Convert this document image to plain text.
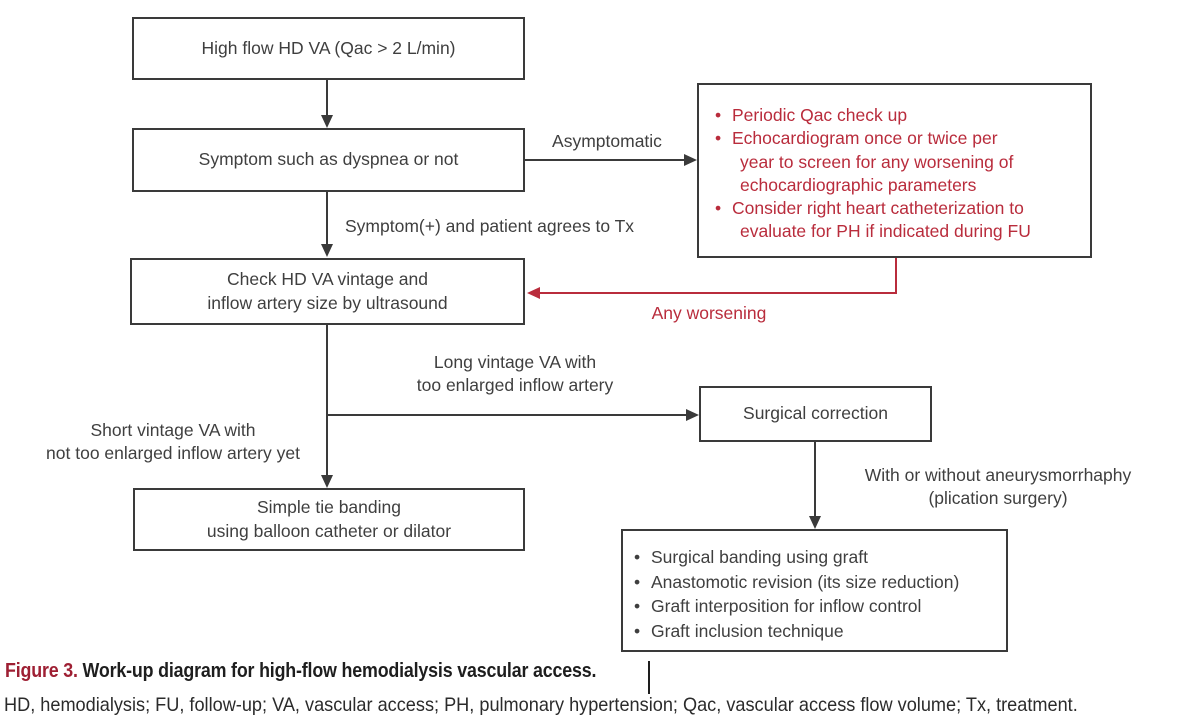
High flow HD VA (Qac > 2 L/min)
Symptom such as dyspnea or not
Asymptomatic
• Periodic Qac check up
• Echocardiogram once or twice per
year to screen for any worsening of
echocardiographic parameters
• Consider right heart catheterization to
evaluate for PH if indicated during FU
Symptom(+) and patient agrees to Tx
Check HD VA vintage and
inflow artery size by ultrasound
Any worsening
Long vintage VA with
too enlarged inflow artery
Short vintage VA with
not too enlarged inflow artery yet
Simple tie banding
using balloon catheter or dilator
Surgical correction
With or without aneurysmorrhaphy
(plication surgery)
• Surgical banding using graft
• Anastomotic revision (its size reduction)
• Graft interposition for inflow control
• Graft inclusion technique
Figure 3. Work-up diagram for high-flow hemodialysis vascular access.
HD, hemodialysis; FU, follow-up; VA, vascular access; PH, pulmonary hypertension; Qac, vascular access flow volume; Tx, treatment.
